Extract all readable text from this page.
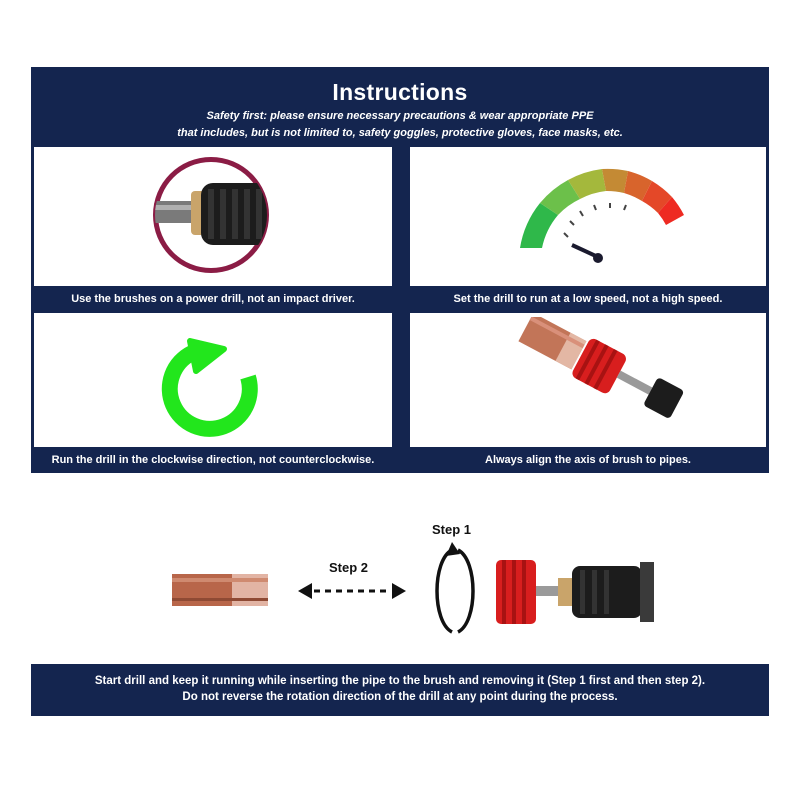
Instructions
Safety first: please ensure necessary precautions & wear appropriate PPE
that includes, but is not limited to, safety goggles, protective gloves, face masks, etc.
Use the brushes on a power drill, not an impact driver.	Set the drill to run at a low speed, not a high speed.
Run the drill in the clockwise direction, not counterclockwise.	Always align the axis of brush to pipes.
Step 2
Step 1
Start drill and keep it running while inserting the pipe to the brush and removing it (Step 1 first and then step 2).
Do not reverse the rotation direction of the drill at any point during the process.
